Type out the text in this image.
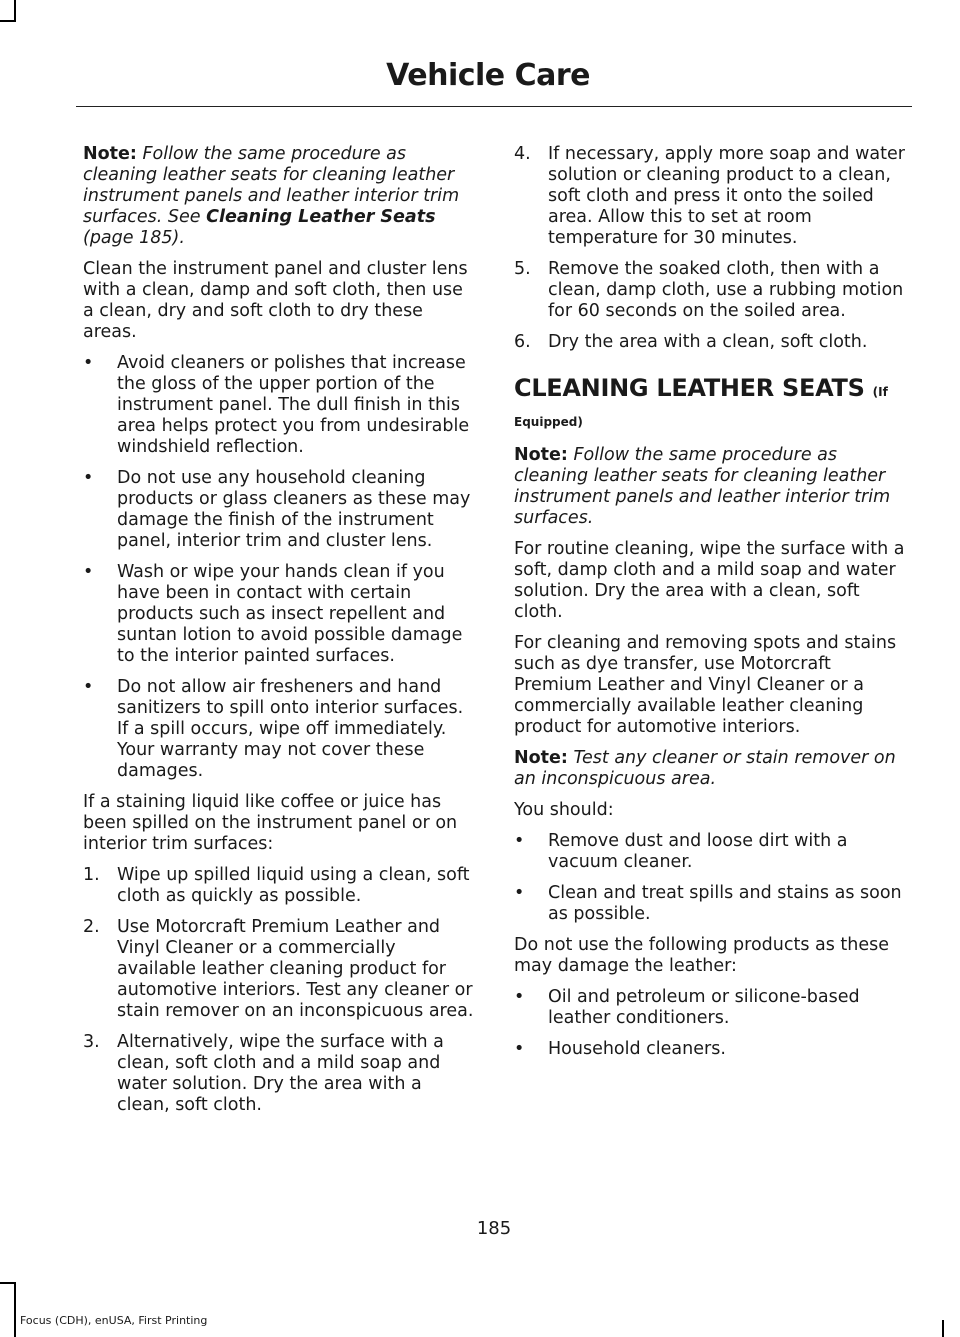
Vehicle Care

Note: Follow the same procedure as cleaning leather seats for cleaning leather instrument panels and leather interior trim surfaces. See Cleaning Leather Seats (page 185).

Clean the instrument panel and cluster lens with a clean, damp and soft cloth, then use a clean, dry and soft cloth to dry these areas.

• Avoid cleaners or polishes that increase the gloss of the upper portion of the instrument panel. The dull finish in this area helps protect you from undesirable windshield reflection.
• Do not use any household cleaning products or glass cleaners as these may damage the finish of the instrument panel, interior trim and cluster lens.
• Wash or wipe your hands clean if you have been in contact with certain products such as insect repellent and suntan lotion to avoid possible damage to the interior painted surfaces.
• Do not allow air fresheners and hand sanitizers to spill onto interior surfaces. If a spill occurs, wipe off immediately. Your warranty may not cover these damages.

If a staining liquid like coffee or juice has been spilled on the instrument panel or on interior trim surfaces:

1. Wipe up spilled liquid using a clean, soft cloth as quickly as possible.
2. Use Motorcraft Premium Leather and Vinyl Cleaner or a commercially available leather cleaning product for automotive interiors. Test any cleaner or stain remover on an inconspicuous area.
3. Alternatively, wipe the surface with a clean, soft cloth and a mild soap and water solution. Dry the area with a clean, soft cloth.
4. If necessary, apply more soap and water solution or cleaning product to a clean, soft cloth and press it onto the soiled area. Allow this to set at room temperature for 30 minutes.
5. Remove the soaked cloth, then with a clean, damp cloth, use a rubbing motion for 60 seconds on the soiled area.
6. Dry the area with a clean, soft cloth.
CLEANING LEATHER SEATS (If
Equipped)

Note: Follow the same procedure as cleaning leather seats for cleaning leather instrument panels and leather interior trim surfaces.

For routine cleaning, wipe the surface with a soft, damp cloth and a mild soap and water solution. Dry the area with a clean, soft cloth.

For cleaning and removing spots and stains such as dye transfer, use Motorcraft Premium Leather and Vinyl Cleaner or a commercially available leather cleaning product for automotive interiors.

Note: Test any cleaner or stain remover on an inconspicuous area.

You should:

• Remove dust and loose dirt with a vacuum cleaner.
• Clean and treat spills and stains as soon as possible.

Do not use the following products as these may damage the leather:

• Oil and petroleum or silicone-based leather conditioners.
• Household cleaners.
185
Focus (CDH), enUSA, First Printing
